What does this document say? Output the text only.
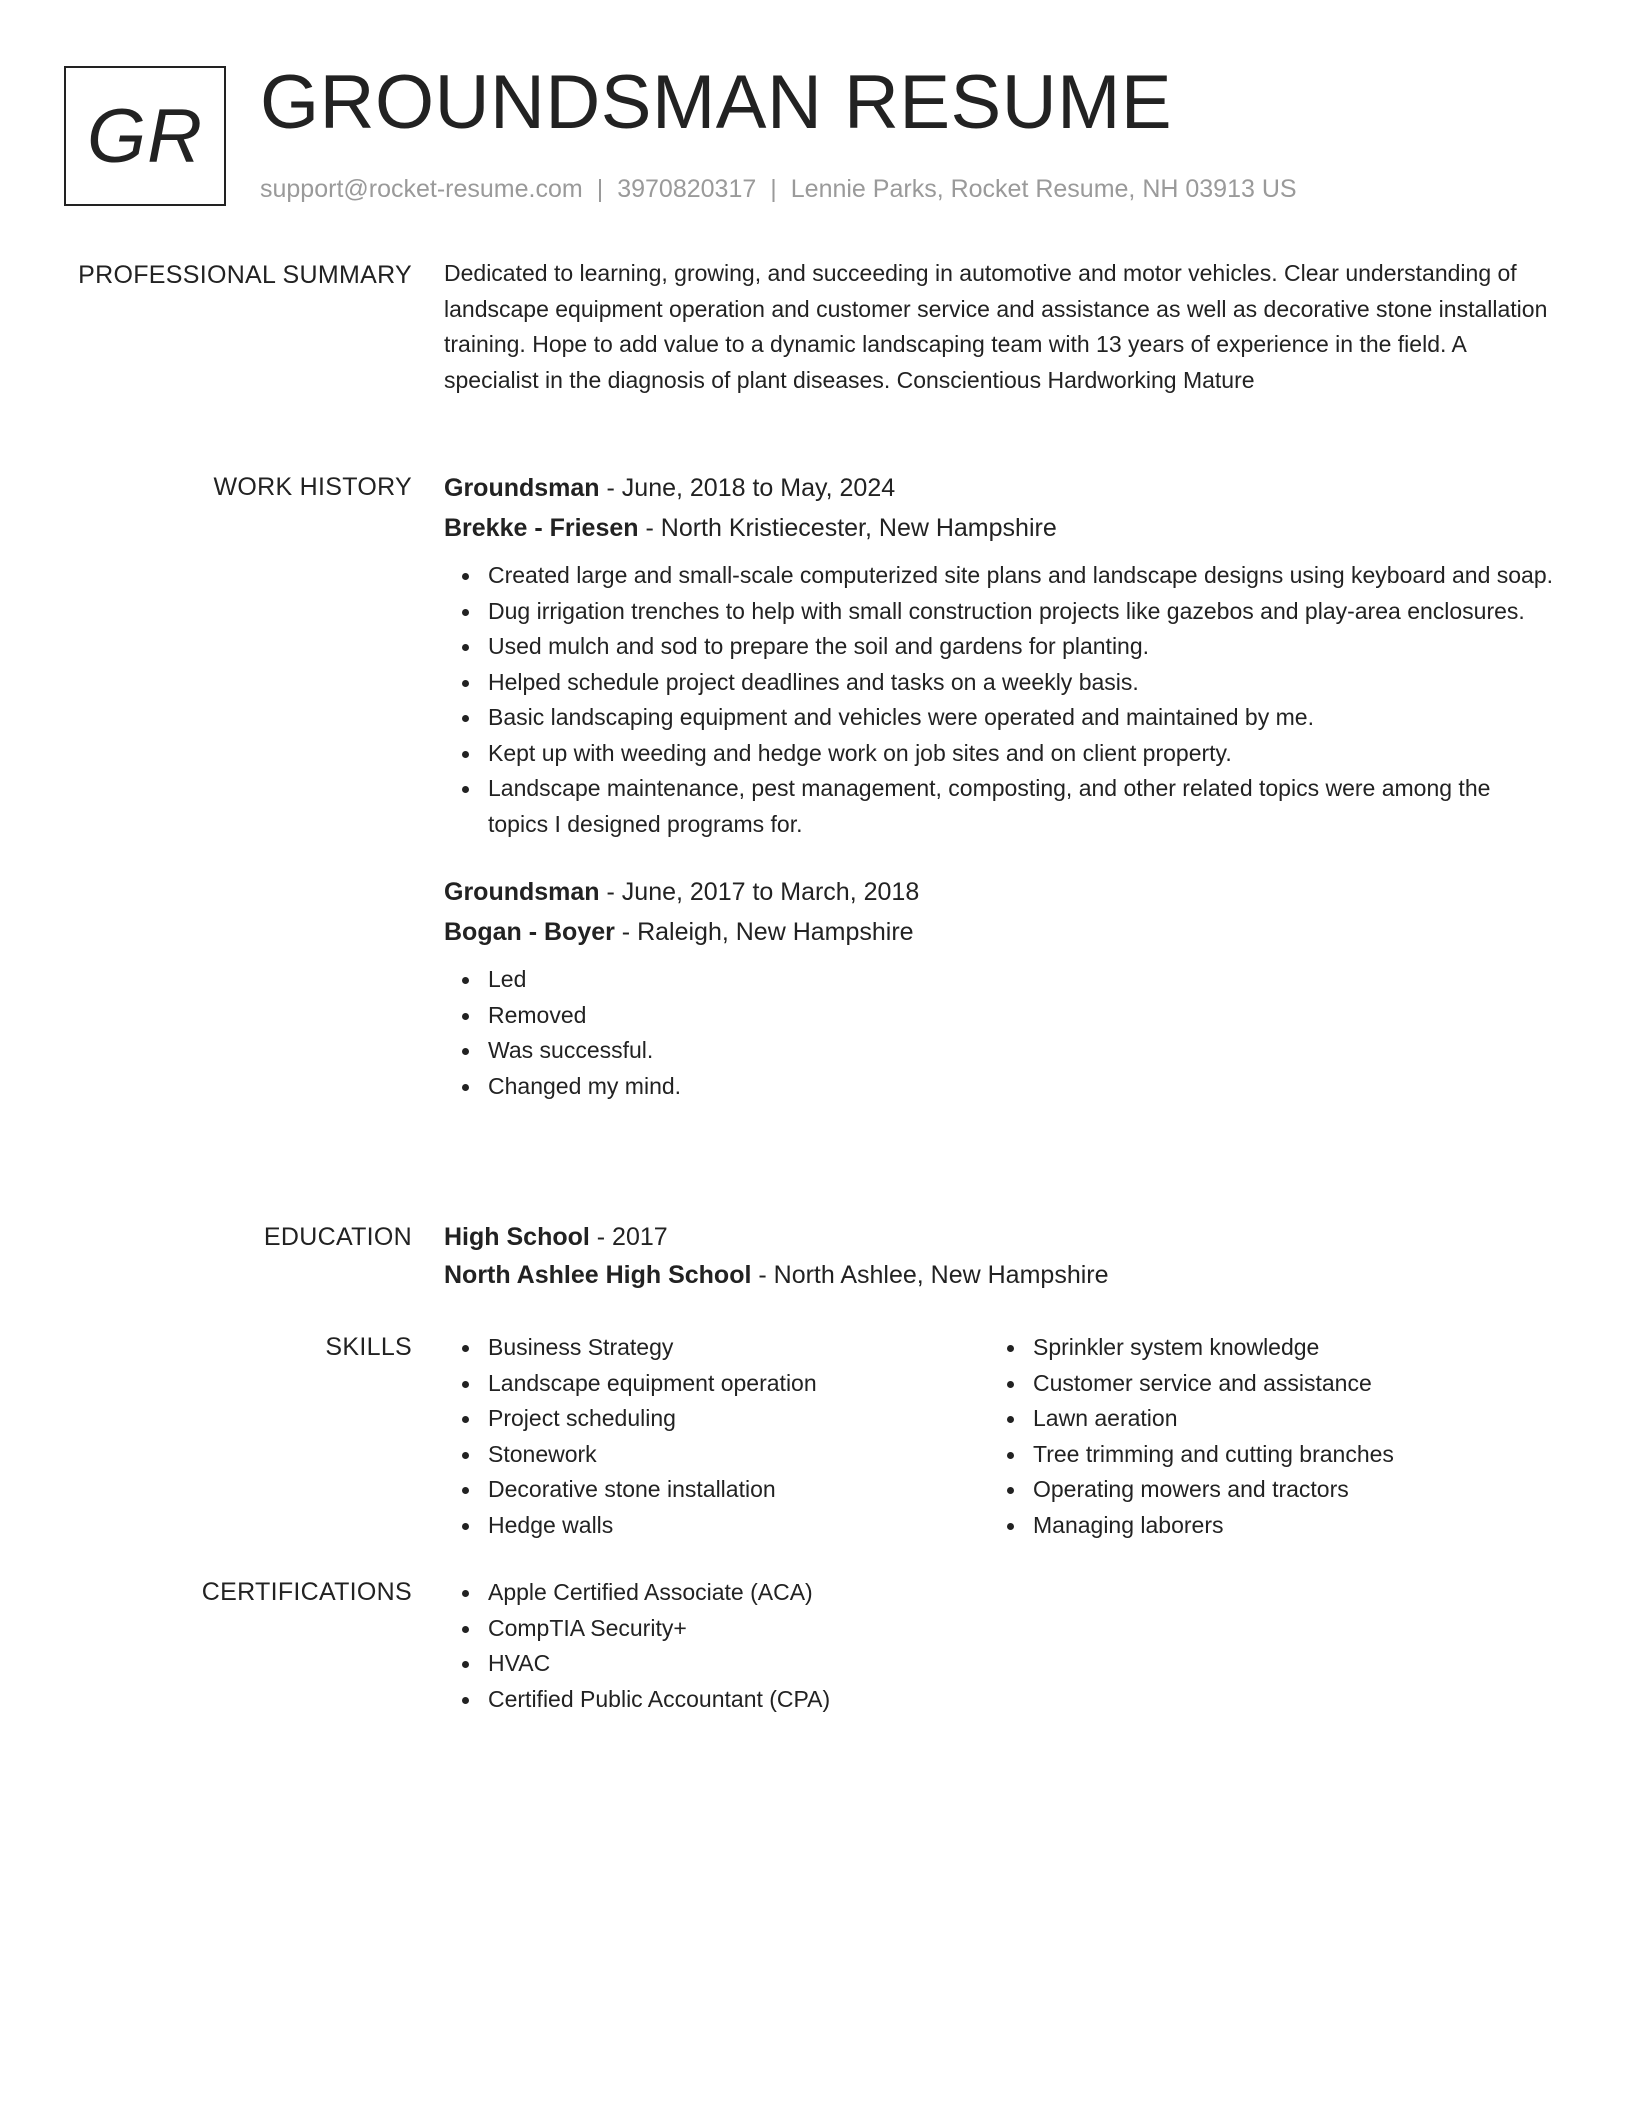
GR GROUNDSMAN RESUME
support@rocket-resume.com | 3970820317 | Lennie Parks, Rocket Resume, NH 03913 US
PROFESSIONAL SUMMARY Dedicated to learning, growing, and succeeding in automotive and motor vehicles. Clear understanding of landscape equipment operation and customer service and assistance as well as decorative stone installation training. Hope to add value to a dynamic landscaping team with 13 years of experience in the field. A specialist in the diagnosis of plant diseases. Conscientious Hardworking Mature

WORK HISTORY Groundsman - June, 2018 to May, 2024
Brekke - Friesen - North Kristiecester, New Hampshire
Created large and small-scale computerized site plans and landscape designs using keyboard and soap.
Dug irrigation trenches to help with small construction projects like gazebos and play-area enclosures.
Used mulch and sod to prepare the soil and gardens for planting.
Helped schedule project deadlines and tasks on a weekly basis.
Basic landscaping equipment and vehicles were operated and maintained by me.
Kept up with weeding and hedge work on job sites and on client property.
Landscape maintenance, pest management, composting, and other related topics were among the topics I designed programs for.
Groundsman - June, 2017 to March, 2018
Bogan - Boyer - Raleigh, New Hampshire
Led
Removed
Was successful.
Changed my mind.
EDUCATION High School - 2017
North Ashlee High School - North Ashlee, New Hampshire
SKILLS	Business Strategy
Landscape equipment operation
Project scheduling
Stonework
Decorative stone installation
Hedge walls
Sprinkler system knowledge
Customer service and assistance
Lawn aeration
Tree trimming and cutting branches
Operating mowers and tractors
Managing laborers
CERTIFICATIONS	Apple Certified Associate (ACA)
CompTIA Security+
HVAC
Certified Public Accountant (CPA)
